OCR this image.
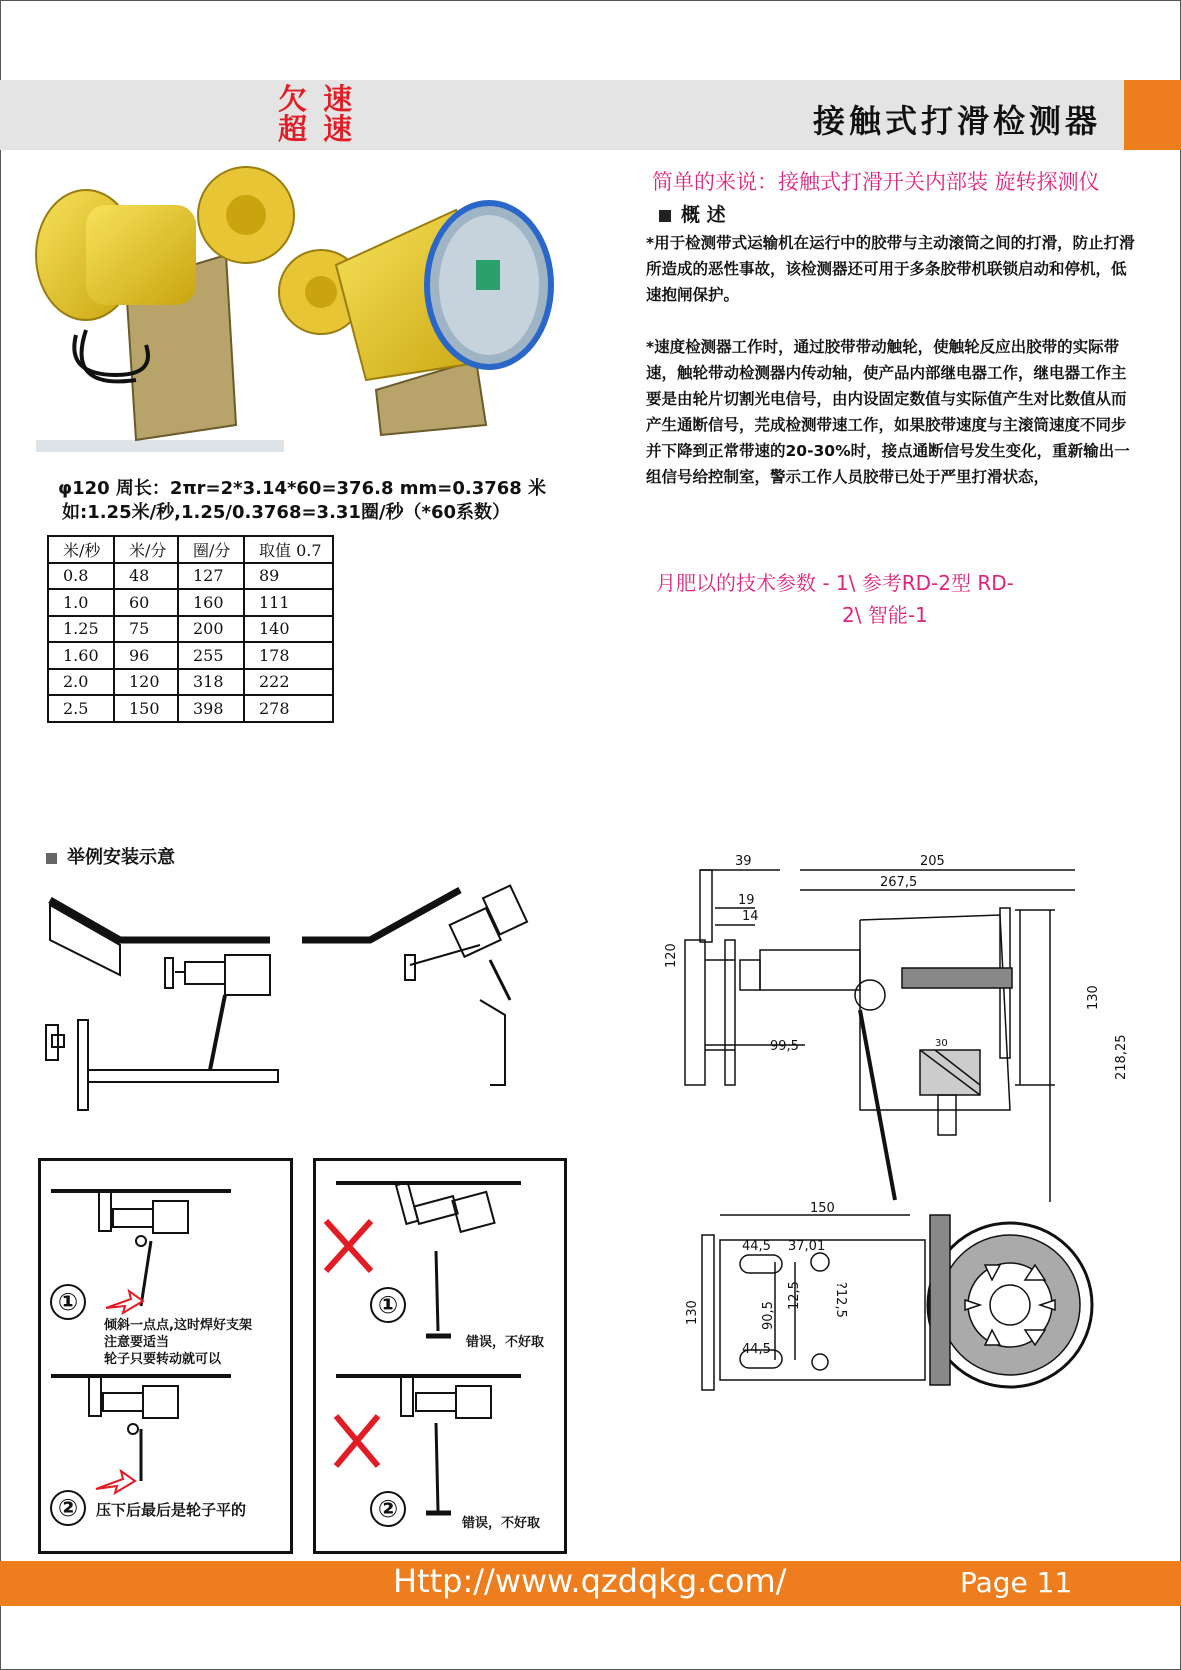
欠 速
超 速	接触式打滑检测器
简单的来说：接触式打滑开关内部装 旋转探测仪
概 述
*用于检测带式运输机在运行中的胶带与主动滚筒之间的打滑，防止打滑所造成的恶性事故，该检测器还可用于多条胶带机联锁启动和停机，低速抱闸保护。
*速度检测器工作时，通过胶带带动触轮，使触轮反应出胶带的实际带速，触轮带动检测器内传动轴，使产品内部继电器工作，继电器工作主要是由轮片切割光电信号，由内设固定数值与实际值产生对比数值从而产生通断信号，芫成检测带速工作，如果胶带速度与主滚筒速度不同步并下降到正常带速的20-30%时，接点通断信号发生变化，重新输出一组信号给控制室，警示工作人员胶带已处于严里打滑状态，
月肥以的技术参数 - 1\ 参考RD-2型 RD-
2\ 智能-1
φ120 周长：2πr=2*3.14*60=376.8 mm=0.3768 米
如:1.25米/秒,1.25/0.3768=3.31圈/秒（*60系数）
米/秒	米/分	圈/分	取值 0.7
0.8	48	127	89
1.0	60	160	111
1.25	75	200	140
1.60	96	255	178
2.0	120	318	222
2.5	150	398	278
举例安装示意
①
倾斜一点点,这时焊好支架
注意要适当
轮子只要转动就可以
②	压下后最后是轮子平的
①
错误，不好取
②
错误，不好取
39	205
267,5
19
14
120
99,5	30
130
218,25
150
44,5 37,01
130	90,5
12,5 ?12,5
44,5
Http://www.qzdqkg.com/	Page 11
